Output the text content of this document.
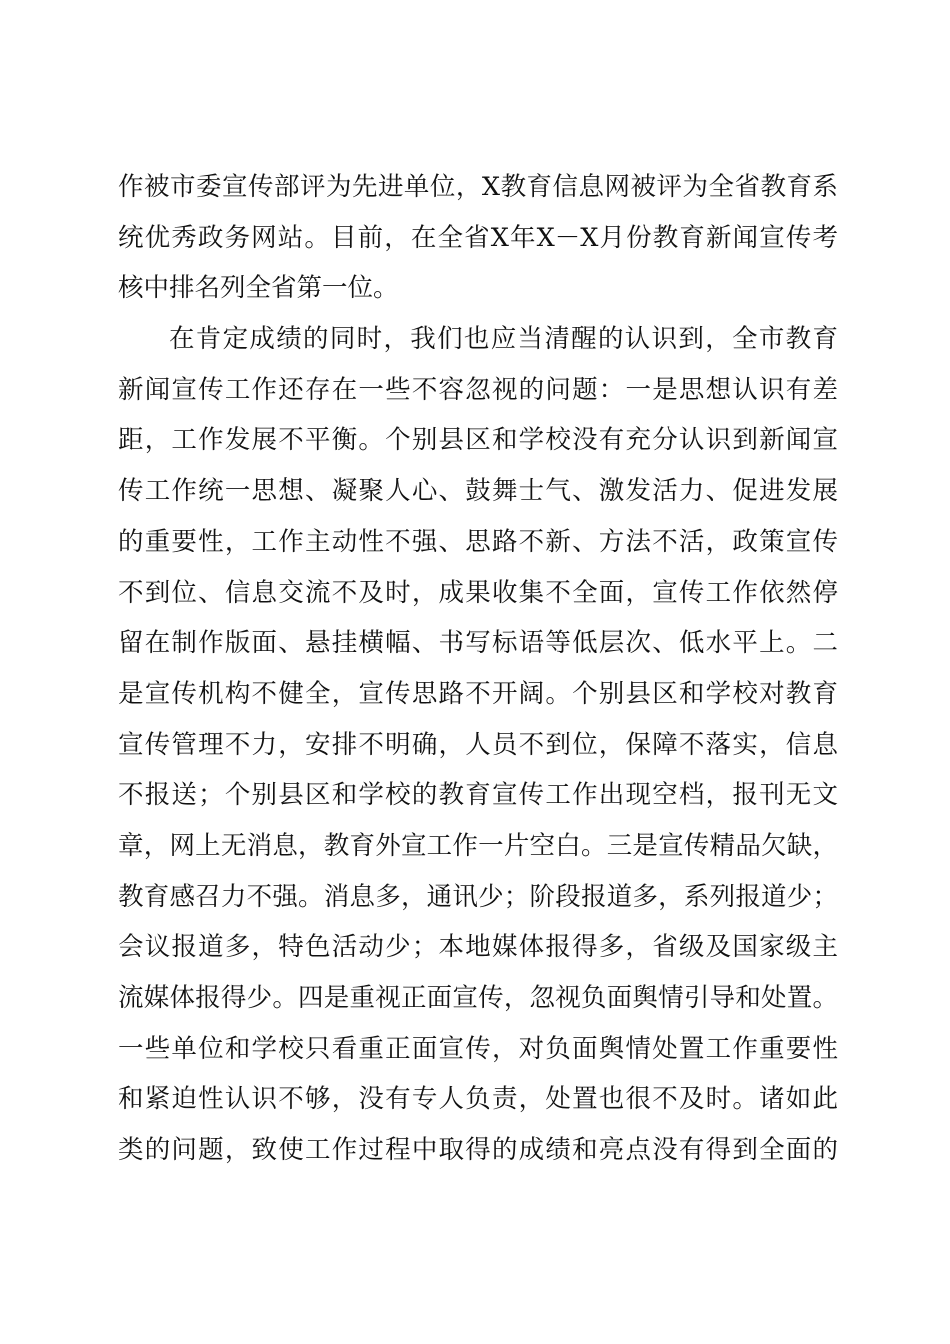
作被市委宣传部评为先进单位，X教育信息网被评为全省教育系
统优秀政务网站。目前，在全省X年X－X月份教育新闻宣传考
核中排名列全省第一位。
在肯定成绩的同时，我们也应当清醒的认识到，全市教育
新闻宣传工作还存在一些不容忽视的问题：一是思想认识有差
距，工作发展不平衡。个别县区和学校没有充分认识到新闻宣
传工作统一思想、凝聚人心、鼓舞士气、激发活力、促进发展
的重要性，工作主动性不强、思路不新、方法不活，政策宣传
不到位、信息交流不及时，成果收集不全面，宣传工作依然停
留在制作版面、悬挂横幅、书写标语等低层次、低水平上。二
是宣传机构不健全，宣传思路不开阔。个别县区和学校对教育
宣传管理不力，安排不明确，人员不到位，保障不落实，信息
不报送；个别县区和学校的教育宣传工作出现空档，报刊无文
章，网上无消息，教育外宣工作一片空白。三是宣传精品欠缺，
教育感召力不强。消息多，通讯少；阶段报道多，系列报道少；
会议报道多，特色活动少；本地媒体报得多，省级及国家级主
流媒体报得少。四是重视正面宣传，忽视负面舆情引导和处置。
一些单位和学校只看重正面宣传，对负面舆情处置工作重要性
和紧迫性认识不够，没有专人负责，处置也很不及时。诸如此
类的问题，致使工作过程中取得的成绩和亮点没有得到全面的
